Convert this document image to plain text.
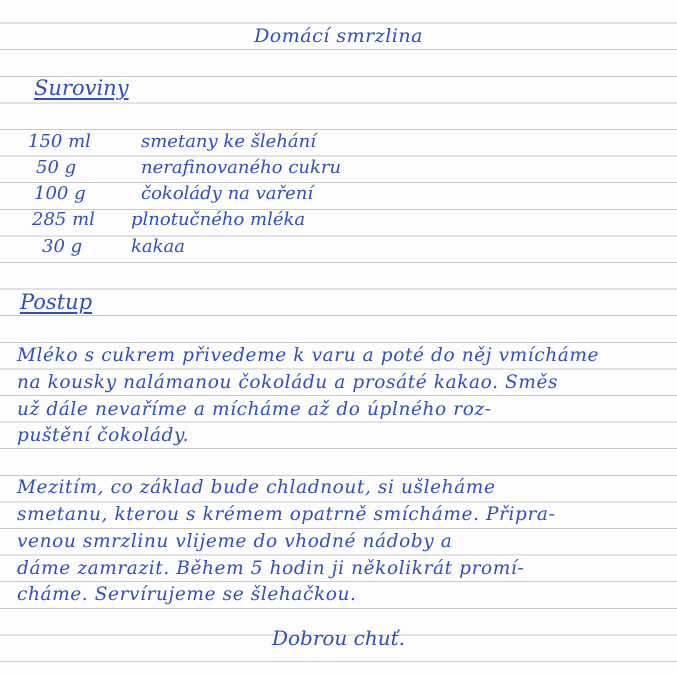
Domácí smrzlina
Suroviny
150 ml	smetany ke šlehání
50 g	nerafinovaného cukru
100 g	čokolády na vaření
285 ml	plnotučného mléka
30 g	kakaa
Postup
Mléko s cukrem přivedeme k varu a poté do něj vmícháme
na kousky nalámanou čokoládu a prosáté kakao. Směs
už dále nevaříme a mícháme až do úplného roz-
puštění čokolády.
Mezitím, co základ bude chladnout, si ušleháme
smetanu, kterou s krémem opatrně smícháme. Připra-
venou smrzlinu vlijeme do vhodné nádoby a
dáme zamrazit. Během 5 hodin ji několikrát promí-
cháme. Servírujeme se šlehačkou.
Dobrou chuť.
